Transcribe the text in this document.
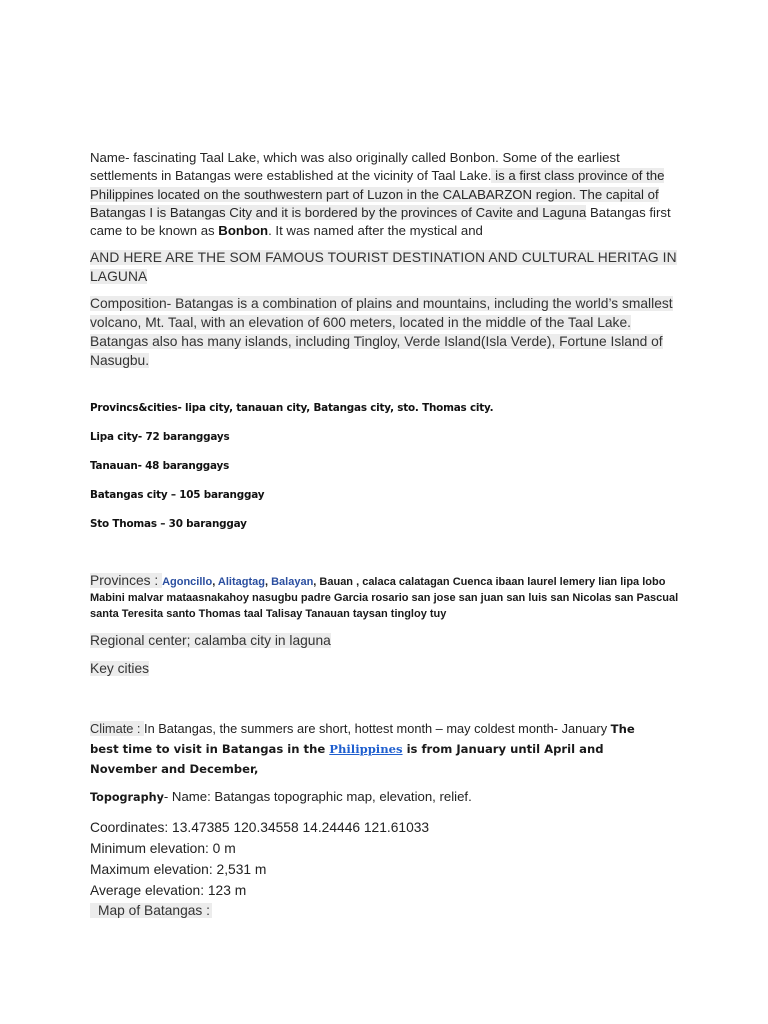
Name- fascinating Taal Lake, which was also originally called Bonbon. Some of the earliest settlements in Batangas were established at the vicinity of Taal Lake. is a first class province of the Philippines located on the southwestern part of Luzon in the CALABARZON region. The capital of Batangas I is Batangas City and it is bordered by the provinces of Cavite and Laguna Batangas first came to be known as Bonbon. It was named after the mystical and

AND HERE ARE THE SOM FAMOUS TOURIST DESTINATION AND CULTURAL HERITAG IN LAGUNA

Composition- Batangas is a combination of plains and mountains, including the world’s smallest volcano, Mt. Taal, with an elevation of 600 meters, located in the middle of the Taal Lake. Batangas also has many islands, including Tingloy, Verde Island(Isla Verde), Fortune Island of Nasugbu.

Provincs&cities- lipa city, tanauan city, Batangas city, sto. Thomas city.

Lipa city- 72 baranggays

Tanauan- 48 baranggays

Batangas city – 105 baranggay

Sto Thomas – 30 baranggay

Provinces : Agoncillo, Alitagtag, Balayan, Bauan , calaca calatagan Cuenca ibaan laurel lemery lian lipa lobo Mabini malvar mataasnakahoy nasugbu padre Garcia rosario san jose san juan san luis san Nicolas san Pascual santa Teresita santo Thomas taal Talisay Tanauan taysan tingloy tuy
Regional center; calamba city in laguna
Key cities
Climate : In Batangas, the summers are short, hottest month – may coldest month- January The best time to visit in Batangas in the Philippines is from January until April and November and December,
Topography- Name: Batangas topographic map, elevation, relief.
Coordinates: 13.47385 120.34558 14.24446 121.61033
Minimum elevation: 0 m
Maximum elevation: 2,531 m
Average elevation: 123 m
Map of Batangas :
